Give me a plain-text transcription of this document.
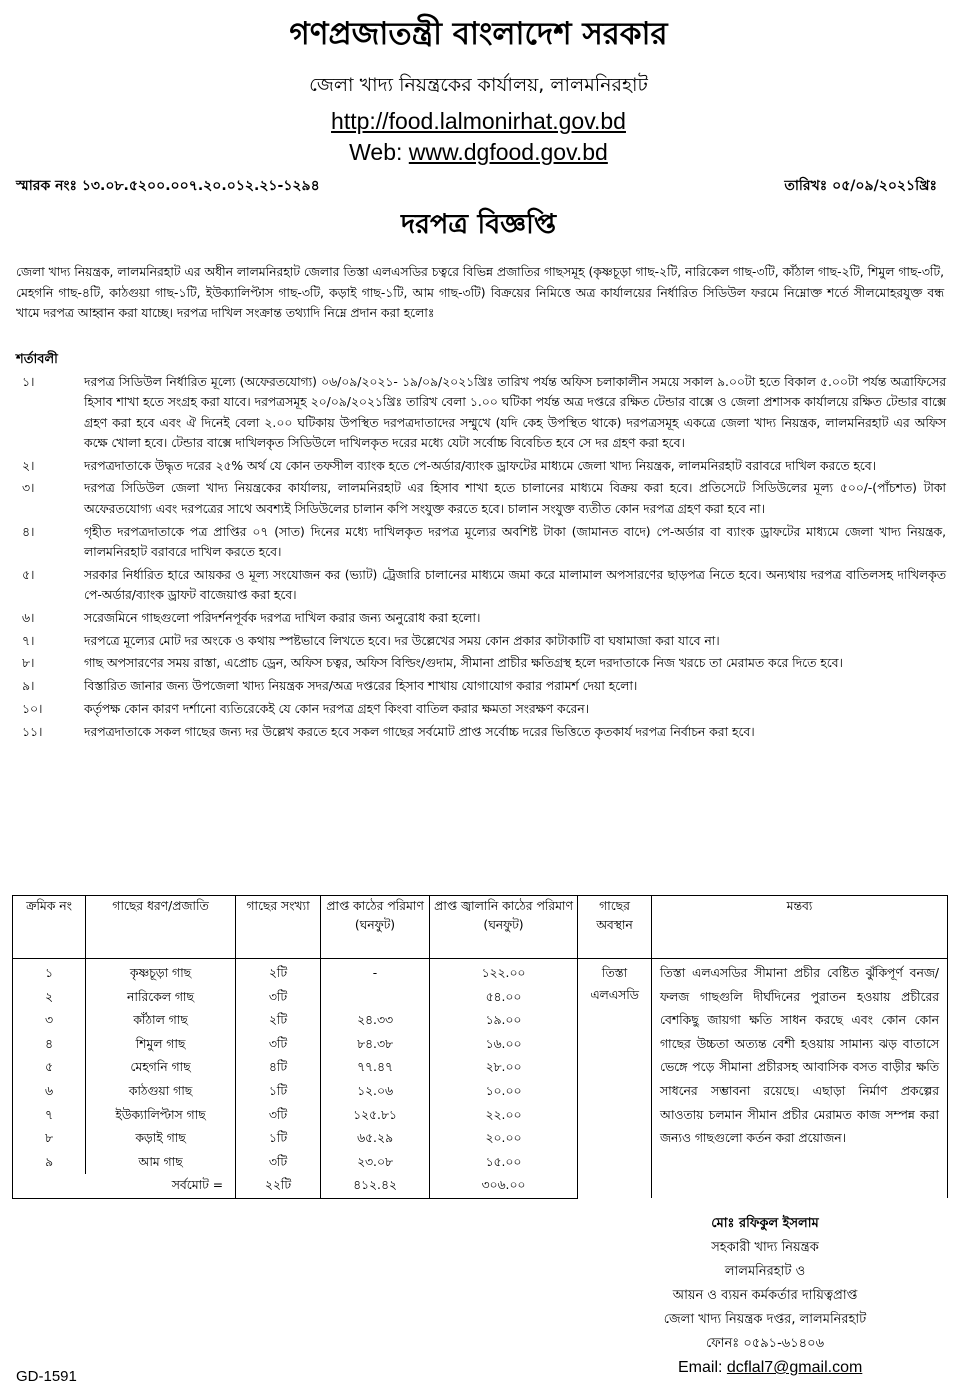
গণপ্রজাতন্ত্রী বাংলাদেশ সরকার
জেলা খাদ্য নিয়ন্ত্রকের কার্যালয়, লালমনিরহাট
http://food.lalmonirhat.gov.bd
Web: www.dgfood.gov.bd
স্মারক নংঃ ১৩.০৮.৫২০০.০০৭.২০.০১২.২১-১২৯৪	তারিখঃ ০৫/০৯/২০২১খ্রিঃ
দরপত্র বিজ্ঞপ্তি
জেলা খাদ্য নিয়ন্ত্রক, লালমনিরহাট এর অধীন লালমনিরহাট জেলার তিস্তা এলএসডির চত্বরে বিভিন্ন প্রজাতির গাছসমূহ (কৃষ্ণচূড়া গাছ-২টি, নারিকেল গাছ-৩টি, কাঁঠাল গাছ-২টি, শিমুল গাছ-৩টি, মেহগনি গাছ-৪টি, কাঠগুয়া গাছ-১টি, ইউক্যালিপ্টাস গাছ-৩টি, কড়াই গাছ-১টি, আম গাছ-৩টি) বিক্রয়ের নিমিত্তে অত্র কার্যালয়ের নির্ধারিত সিডিউল ফরমে নিম্নোক্ত শর্তে সীলমোহরযুক্ত বন্ধ খামে দরপত্র আহ্বান করা যাচ্ছে। দরপত্র দাখিল সংক্রান্ত তথ্যাদি নিম্নে প্রদান করা হলোঃ
শর্তাবলী
১।	দরপত্র সিডিউল নির্ধারিত মূল্যে (অফেরতযোগ্য) ০৬/০৯/২০২১- ১৯/০৯/২০২১খ্রিঃ তারিখ পর্যন্ত অফিস চলাকালীন সময়ে সকাল ৯.০০টা হতে বিকাল ৫.০০টা পর্যন্ত অত্রাফিসের হিসাব শাখা হতে সংগ্রহ করা যাবে। দরপত্রসমূহ ২০/০৯/২০২১খ্রিঃ তারিখ বেলা ১.০০ ঘটিকা পর্যন্ত অত্র দপ্তরে রক্ষিত টেন্ডার বাক্সে ও জেলা প্রশাসক কার্যালয়ে রক্ষিত টেন্ডার বাক্সে গ্রহণ করা হবে এবং ঐ দিনেই বেলা ২.০০ ঘটিকায় উপস্থিত দরপত্রদাতাদের সম্মুখে (যদি কেহ উপস্থিত থাকে) দরপত্রসমূহ একত্রে জেলা খাদ্য নিয়ন্ত্রক, লালমনিরহাট এর অফিস কক্ষে খোলা হবে। টেন্ডার বাক্সে দাখিলকৃত সিডিউলে দাখিলকৃত দরের মধ্যে যেটা সর্বোচ্চ বিবেচিত হবে সে দর গ্রহণ করা হবে।
২।	দরপত্রদাতাকে উদ্ধৃত দরের ২৫% অর্থ যে কোন তফসীল ব্যাংক হতে পে-অর্ডার/ব্যাংক ড্রাফটের মাধ্যমে জেলা খাদ্য নিয়ন্ত্রক, লালমনিরহাট বরাবরে দাখিল করতে হবে।
৩।	দরপত্র সিডিউল জেলা খাদ্য নিয়ন্ত্রকের কার্যালয়, লালমনিরহাট এর হিসাব শাখা হতে চালানের মাধ্যমে বিক্রয় করা হবে। প্রতিসেটে সিডিউলের মূল্য ৫০০/-(পাঁচশত) টাকা অফেরতযোগ্য এবং দরপত্রের সাথে অবশ্যই সিডিউলের চালান কপি সংযুক্ত করতে হবে। চালান সংযুক্ত ব্যতীত কোন দরপত্র গ্রহণ করা হবে না।
৪।	গৃহীত দরপত্রদাতাকে পত্র প্রাপ্তির ০৭ (সাত) দিনের মধ্যে দাখিলকৃত দরপত্র মূল্যের অবশিষ্ট টাকা (জামানত বাদে) পে-অর্ডার বা ব্যাংক ড্রাফটের মাধ্যমে জেলা খাদ্য নিয়ন্ত্রক, লালমনিরহাট বরাবরে দাখিল করতে হবে।
৫।	সরকার নির্ধারিত হারে আয়কর ও মূল্য সংযোজন কর (ভ্যাট) ট্রেজারি চালানের মাধ্যমে জমা করে মালামাল অপসারণের ছাড়পত্র নিতে হবে। অন্যথায় দরপত্র বাতিলসহ দাখিলকৃত পে-অর্ডার/ব্যাংক ড্রাফট বাজেয়াপ্ত করা হবে।
৬।	সরেজমিনে গাছগুলো পরিদর্শনপূর্বক দরপত্র দাখিল করার জন্য অনুরোধ করা হলো।
৭।	দরপত্রে মূল্যের মোট দর অংকে ও কথায় স্পষ্টভাবে লিখতে হবে। দর উল্লেখের সময় কোন প্রকার কাটাকাটি বা ঘষামাজা করা যাবে না।
৮।	গাছ অপসারণের সময় রাস্তা, এপ্রোচ ড্রেন, অফিস চত্বর, অফিস বিল্ডিং/গুদাম, সীমানা প্রাচীর ক্ষতিগ্রস্থ হলে দরদাতাকে নিজ খরচে তা মেরামত করে দিতে হবে।
৯।	বিস্তারিত জানার জন্য উপজেলা খাদ্য নিয়ন্ত্রক সদর/অত্র দপ্তরের হিসাব শাখায় যোগাযোগ করার পরামর্শ দেয়া হলো।
১০।	কর্তৃপক্ষ কোন কারণ দর্শানো ব্যতিরেকেই যে কোন দরপত্র গ্রহণ কিংবা বাতিল করার ক্ষমতা সংরক্ষণ করেন।
১১।	দরপত্রদাতাকে সকল গাছের জন্য দর উল্লেখ করতে হবে সকল গাছের সর্বমোট প্রাপ্ত সর্বোচ্চ দরের ভিত্তিতে কৃতকার্য দরপত্র নির্বাচন করা হবে।
ক্রমিক নং	গাছের ধরণ/প্রজাতি	গাছের সংখ্যা	প্রাপ্ত কাঠের পরিমাণ (ঘনফুট)	প্রাপ্ত জ্বালানি কাঠের পরিমাণ (ঘনফুট)	গাছের অবস্থান	মন্তব্য
১	কৃষ্ণচূড়া গাছ	২টি	-	১২২.০০	তিস্তা এলএসডি	তিস্তা এলএসডির সীমানা প্রচীর বেষ্টিত ঝুঁকিপূর্ণ বনজ/ফলজ গাছগুলি দীর্ঘদিনের পুরাতন হওয়ায় প্রচীরের বেশকিছু জায়গা ক্ষতি সাধন করছে এবং কোন কোন গাছের উচ্চতা অত্যন্ত বেশী হওয়ায় সামান্য ঝড় বাতাসে ভেঙ্গে পড়ে সীমানা প্রচীরসহ আবাসিক বসত বাড়ীর ক্ষতি সাধনের সম্ভাবনা রয়েছে। এছাড়া নির্মাণ প্রকল্পের আওতায় চলমান সীমান প্রচীর মেরামত কাজ সম্পন্ন করা জন্যও গাছগুলো কর্তন করা প্রয়োজন।
২	নারিকেল গাছ	৩টি		৫৪.০০		
৩	কাঁঠাল গাছ	২টি	২৪.৩৩	১৯.০০		
৪	শিমুল গাছ	৩টি	৮৪.৩৮	১৬.০০		
৫	মেহগনি গাছ	৪টি	৭৭.৪৭	২৮.০০		
৬	কাঠগুয়া গাছ	১টি	১২.০৬	১০.০০		
৭	ইউক্যালিপ্টাস গাছ	৩টি	১২৫.৮১	২২.০০		
৮	কড়াই গাছ	১টি	৬৫.২৯	২০.০০		
৯	আম গাছ	৩টি	২৩.০৮	১৫.০০		
সর্বমোট =		২২টি	৪১২.৪২	৩০৬.০০		
মোঃ রফিকুল ইসলাম
সহকারী খাদ্য নিয়ন্ত্রক
লালমনিরহাট ও
আয়ন ও ব্যয়ন কর্মকর্তার দায়িত্বপ্রাপ্ত
জেলা খাদ্য নিয়ন্ত্রক দপ্তর, লালমনিরহাট
ফোনঃ ০৫৯১-৬১৪০৬
Email: dcflal7@gmail.com
GD-1591
